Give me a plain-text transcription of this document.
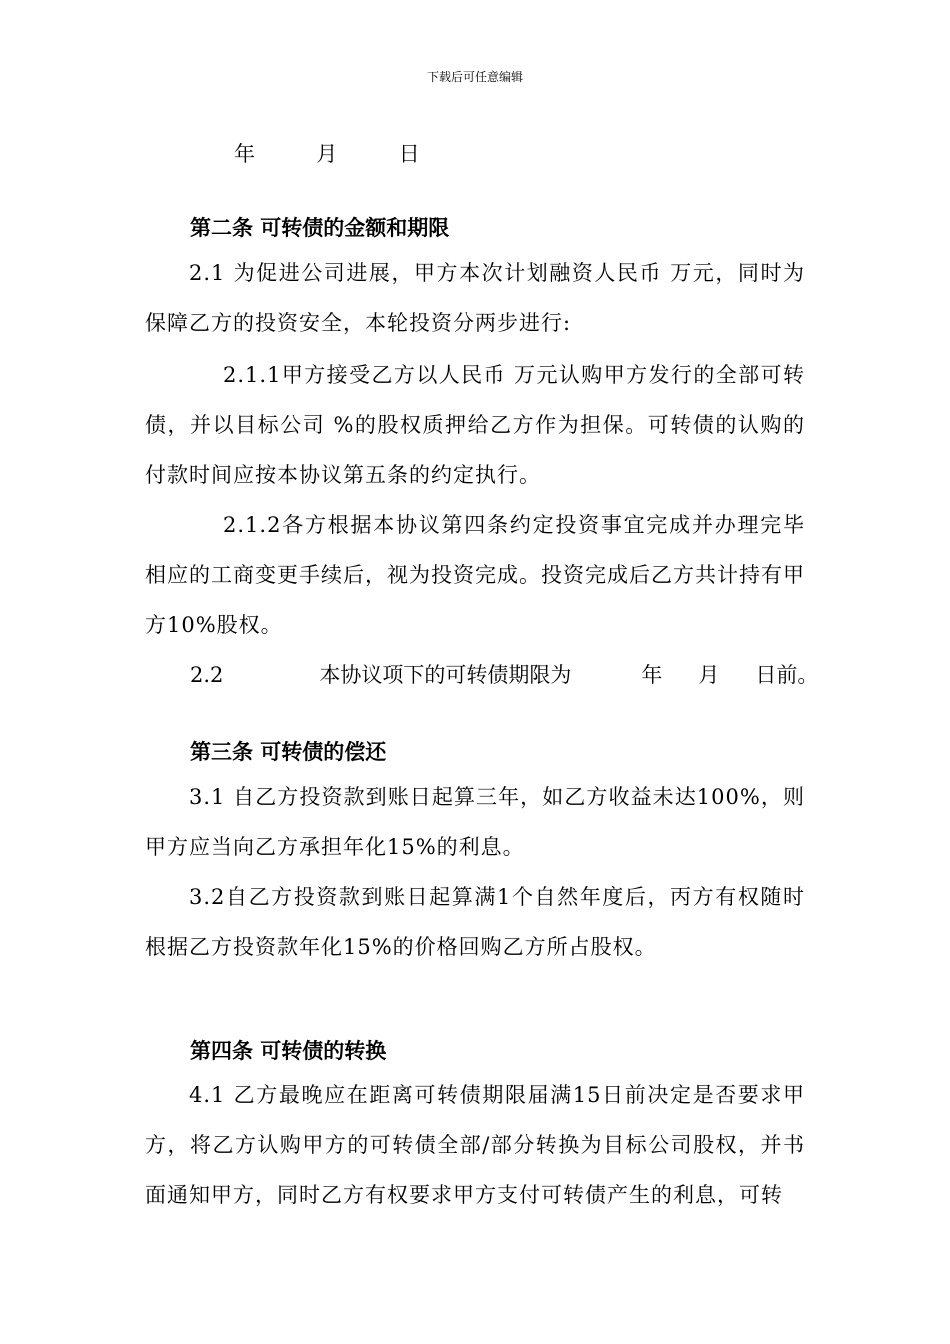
下载后可任意编辑
年	月	日
第二条 可转债的金额和期限
2.1 为促进公司进展，甲方本次计划融资人民币 万元，同时为保障乙方的投资安全，本轮投资分两步进行:
2.1.1甲方接受乙方以人民币 万元认购甲方发行的全部可转债，并以目标公司 %的股权质押给乙方作为担保。可转债的认购的付款时间应按本协议第五条的约定执行。
2.1.2各方根据本协议第四条约定投资事宜完成并办理完毕相应的工商变更手续后，视为投资完成。投资完成后乙方共计持有甲方10%股权。
2.2	本协议项下的可转债期限为	年 月 日前。
第三条 可转债的偿还
3.1 自乙方投资款到账日起算三年，如乙方收益未达100%，则甲方应当向乙方承担年化15%的利息。
3.2自乙方投资款到账日起算满1个自然年度后，丙方有权随时根据乙方投资款年化15%的价格回购乙方所占股权。
第四条 可转债的转换
4.1 乙方最晚应在距离可转债期限届满15日前决定是否要求甲方，将乙方认购甲方的可转债全部/部分转换为目标公司股权，并书面通知甲方，同时乙方有权要求甲方支付可转债产生的利息，可转
